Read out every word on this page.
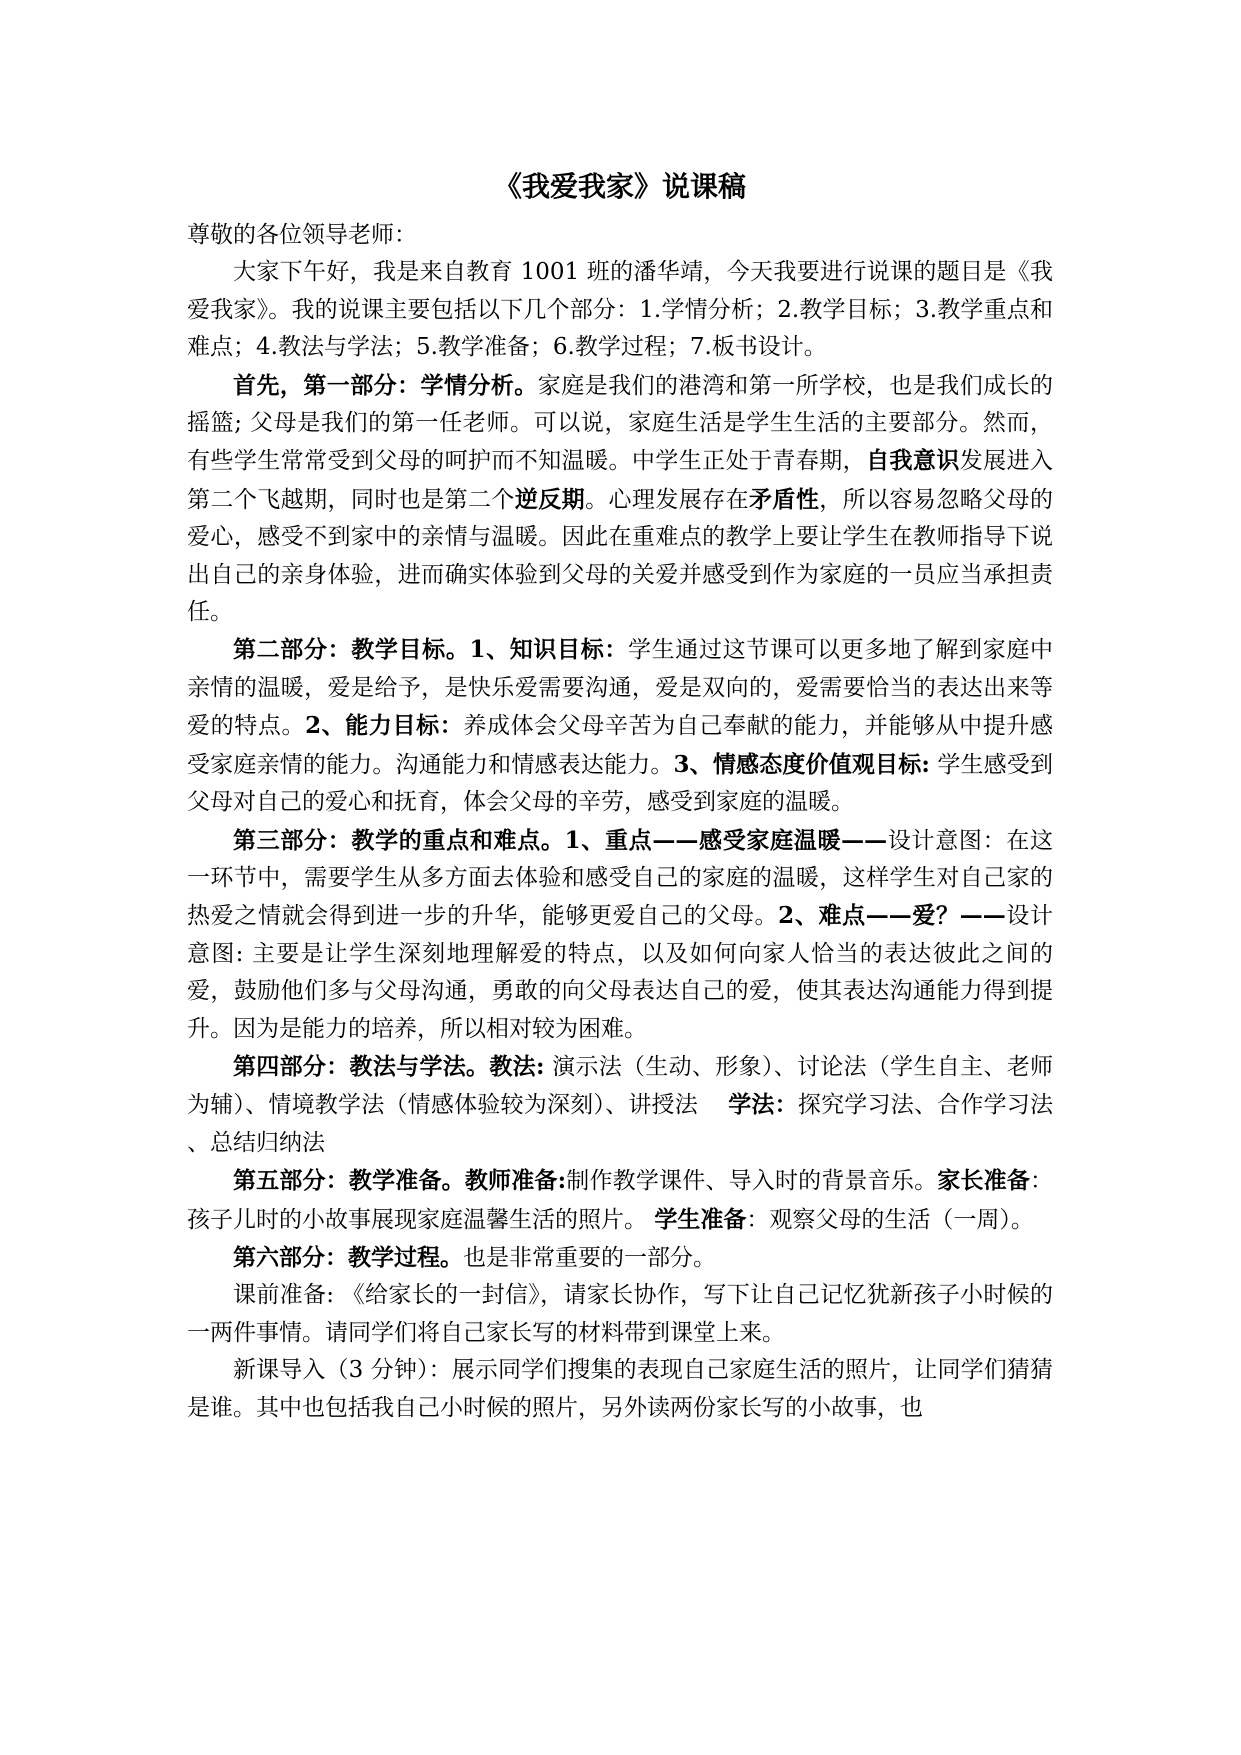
《我爱我家》说课稿

尊敬的各位领导老师：

大家下午好，我是来自教育 1001 班的潘华靖，今天我要进行说课的题目是《我爱我家》。我的说课主要包括以下几个部分：1.学情分析；2.教学目标；3.教学重点和难点；4.教法与学法；5.教学准备；6.教学过程；7.板书设计。

首先，第一部分：学情分析。家庭是我们的港湾和第一所学校，也是我们成长的摇篮; 父母是我们的第一任老师。可以说，家庭生活是学生生活的主要部分。然而，有些学生常常受到父母的呵护而不知温暖。中学生正处于青春期，自我意识发展进入第二个飞越期，同时也是第二个逆反期。心理发展存在矛盾性，所以容易忽略父母的爱心，感受不到家中的亲情与温暖。因此在重难点的教学上要让学生在教师指导下说出自己的亲身体验，进而确实体验到父母的关爱并感受到作为家庭的一员应当承担责任。

第二部分：教学目标。1、知识目标：学生通过这节课可以更多地了解到家庭中亲情的温暖，爱是给予，是快乐爱需要沟通，爱是双向的，爱需要恰当的表达出来等爱的特点。2、能力目标：养成体会父母辛苦为自己奉献的能力，并能够从中提升感受家庭亲情的能力。沟通能力和情感表达能力。3、情感态度价值观目标: 学生感受到父母对自己的爱心和抚育，体会父母的辛劳，感受到家庭的温暖。

第三部分：教学的重点和难点。1、重点——感受家庭温暖——设计意图：在这一环节中，需要学生从多方面去体验和感受自己的家庭的温暖，这样学生对自己家的热爱之情就会得到进一步的升华，能够更爱自己的父母。2、难点——爱？——设计意图: 主要是让学生深刻地理解爱的特点，以及如何向家人恰当的表达彼此之间的爱，鼓励他们多与父母沟通，勇敢的向父母表达自己的爱，使其表达沟通能力得到提升。因为是能力的培养，所以相对较为困难。

第四部分：教法与学法。教法: 演示法（生动、形象）、讨论法（学生自主、老师为辅）、情境教学法（情感体验较为深刻）、讲授法 学法：探究学习法、合作学习法 、总结归纳法

第五部分：教学准备。教师准备:制作教学课件、导入时的背景音乐。家长准备：孩子儿时的小故事展现家庭温馨生活的照片。 学生准备：观察父母的生活（一周）。

第六部分：教学过程。也是非常重要的一部分。

课前准备: 《给家长的一封信》，请家长协作，写下让自己记忆犹新孩子小时候的一两件事情。请同学们将自己家长写的材料带到课堂上来。

新课导入（3 分钟）：展示同学们搜集的表现自己家庭生活的照片，让同学们猜猜是谁。其中也包括我自己小时候的照片，另外读两份家长写的小故事，也
